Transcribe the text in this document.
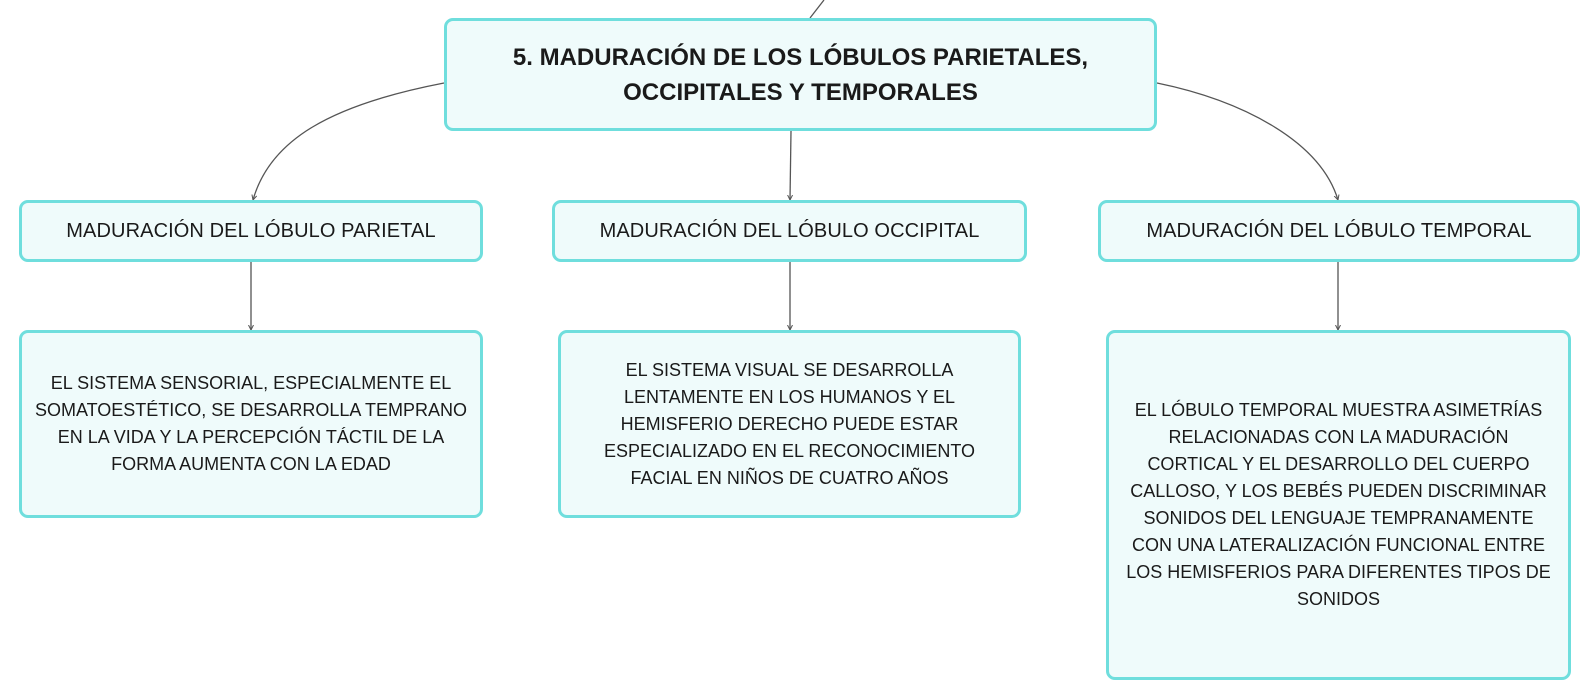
5. MADURACIÓN DE LOS LÓBULOS PARIETALES,
OCCIPITALES Y TEMPORALES
MADURACIÓN DEL LÓBULO PARIETAL	MADURACIÓN DEL LÓBULO OCCIPITAL	MADURACIÓN DEL LÓBULO TEMPORAL
EL SISTEMA SENSORIAL, ESPECIALMENTE EL
SOMATOESTÉTICO, SE DESARROLLA TEMPRANO
EN LA VIDA Y LA PERCEPCIÓN TÁCTIL DE LA
FORMA AUMENTA CON LA EDAD
EL SISTEMA VISUAL SE DESARROLLA
LENTAMENTE EN LOS HUMANOS Y EL
HEMISFERIO DERECHO PUEDE ESTAR
ESPECIALIZADO EN EL RECONOCIMIENTO
FACIAL EN NIÑOS DE CUATRO AÑOS
EL LÓBULO TEMPORAL MUESTRA ASIMETRÍAS
RELACIONADAS CON LA MADURACIÓN
CORTICAL Y EL DESARROLLO DEL CUERPO
CALLOSO, Y LOS BEBÉS PUEDEN DISCRIMINAR
SONIDOS DEL LENGUAJE TEMPRANAMENTE
CON UNA LATERALIZACIÓN FUNCIONAL ENTRE
LOS HEMISFERIOS PARA DIFERENTES TIPOS DE
SONIDOS
